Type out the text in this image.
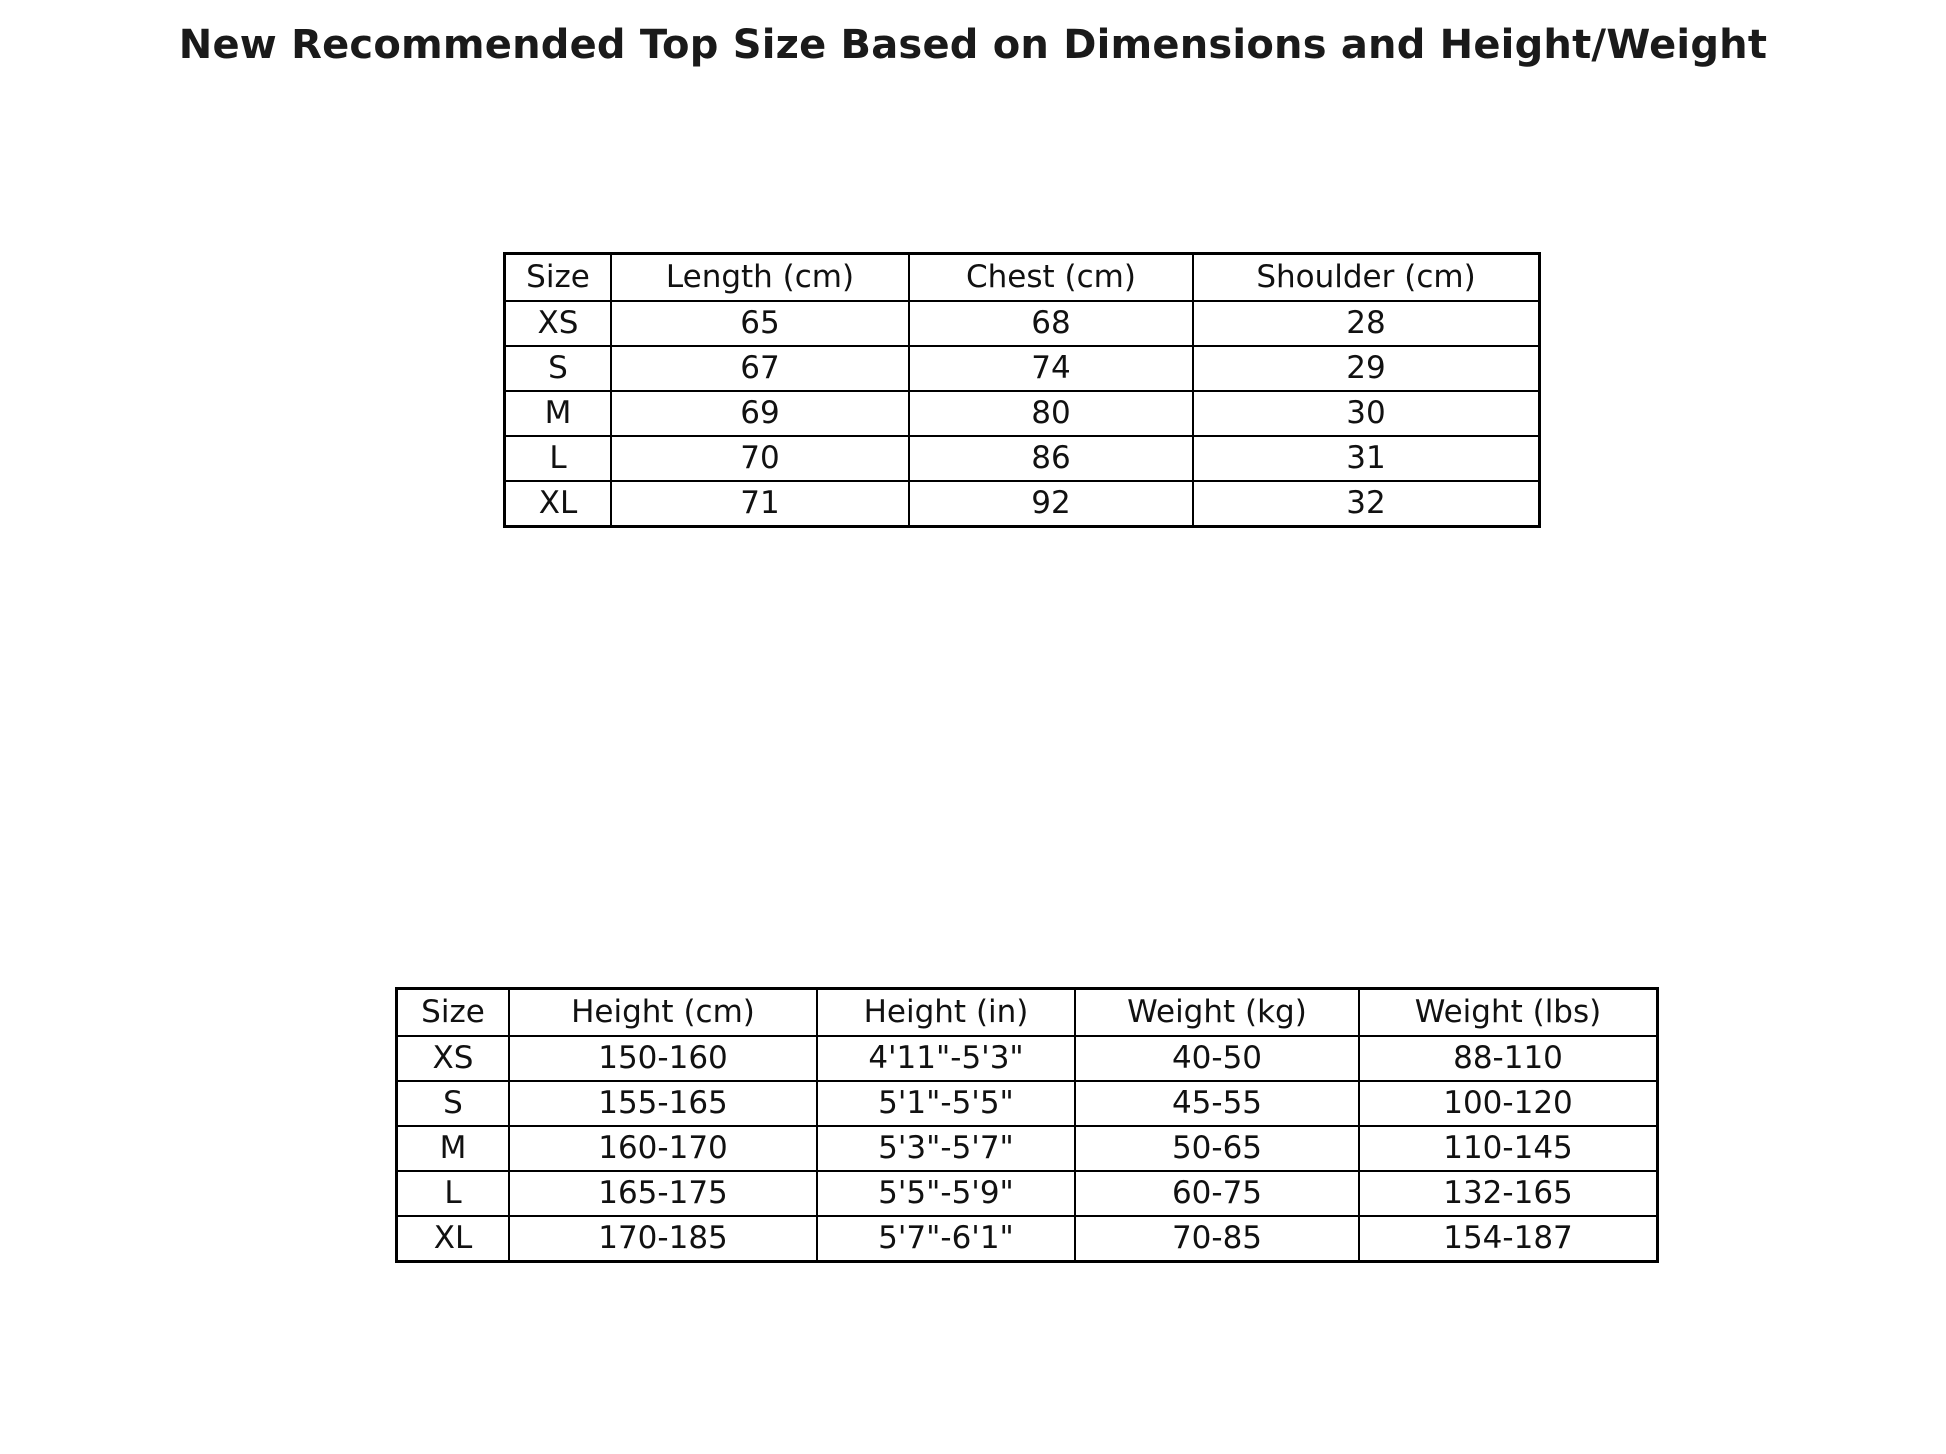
New Recommended Top Size Based on Dimensions and Height/Weight
Size	Length (cm)	Chest (cm)	Shoulder (cm)
XS	65	68	28
S	67	74	29
M	69	80	30
L	70	86	31
XL	71	92	32
Size	Height (cm)	Height (in)	Weight (kg)	Weight (lbs)
XS	150-160	4'11"-5'3"	40-50	88-110
S	155-165	5'1"-5'5"	45-55	100-120
M	160-170	5'3"-5'7"	50-65	110-145
L	165-175	5'5"-5'9"	60-75	132-165
XL	170-185	5'7"-6'1"	70-85	154-187
